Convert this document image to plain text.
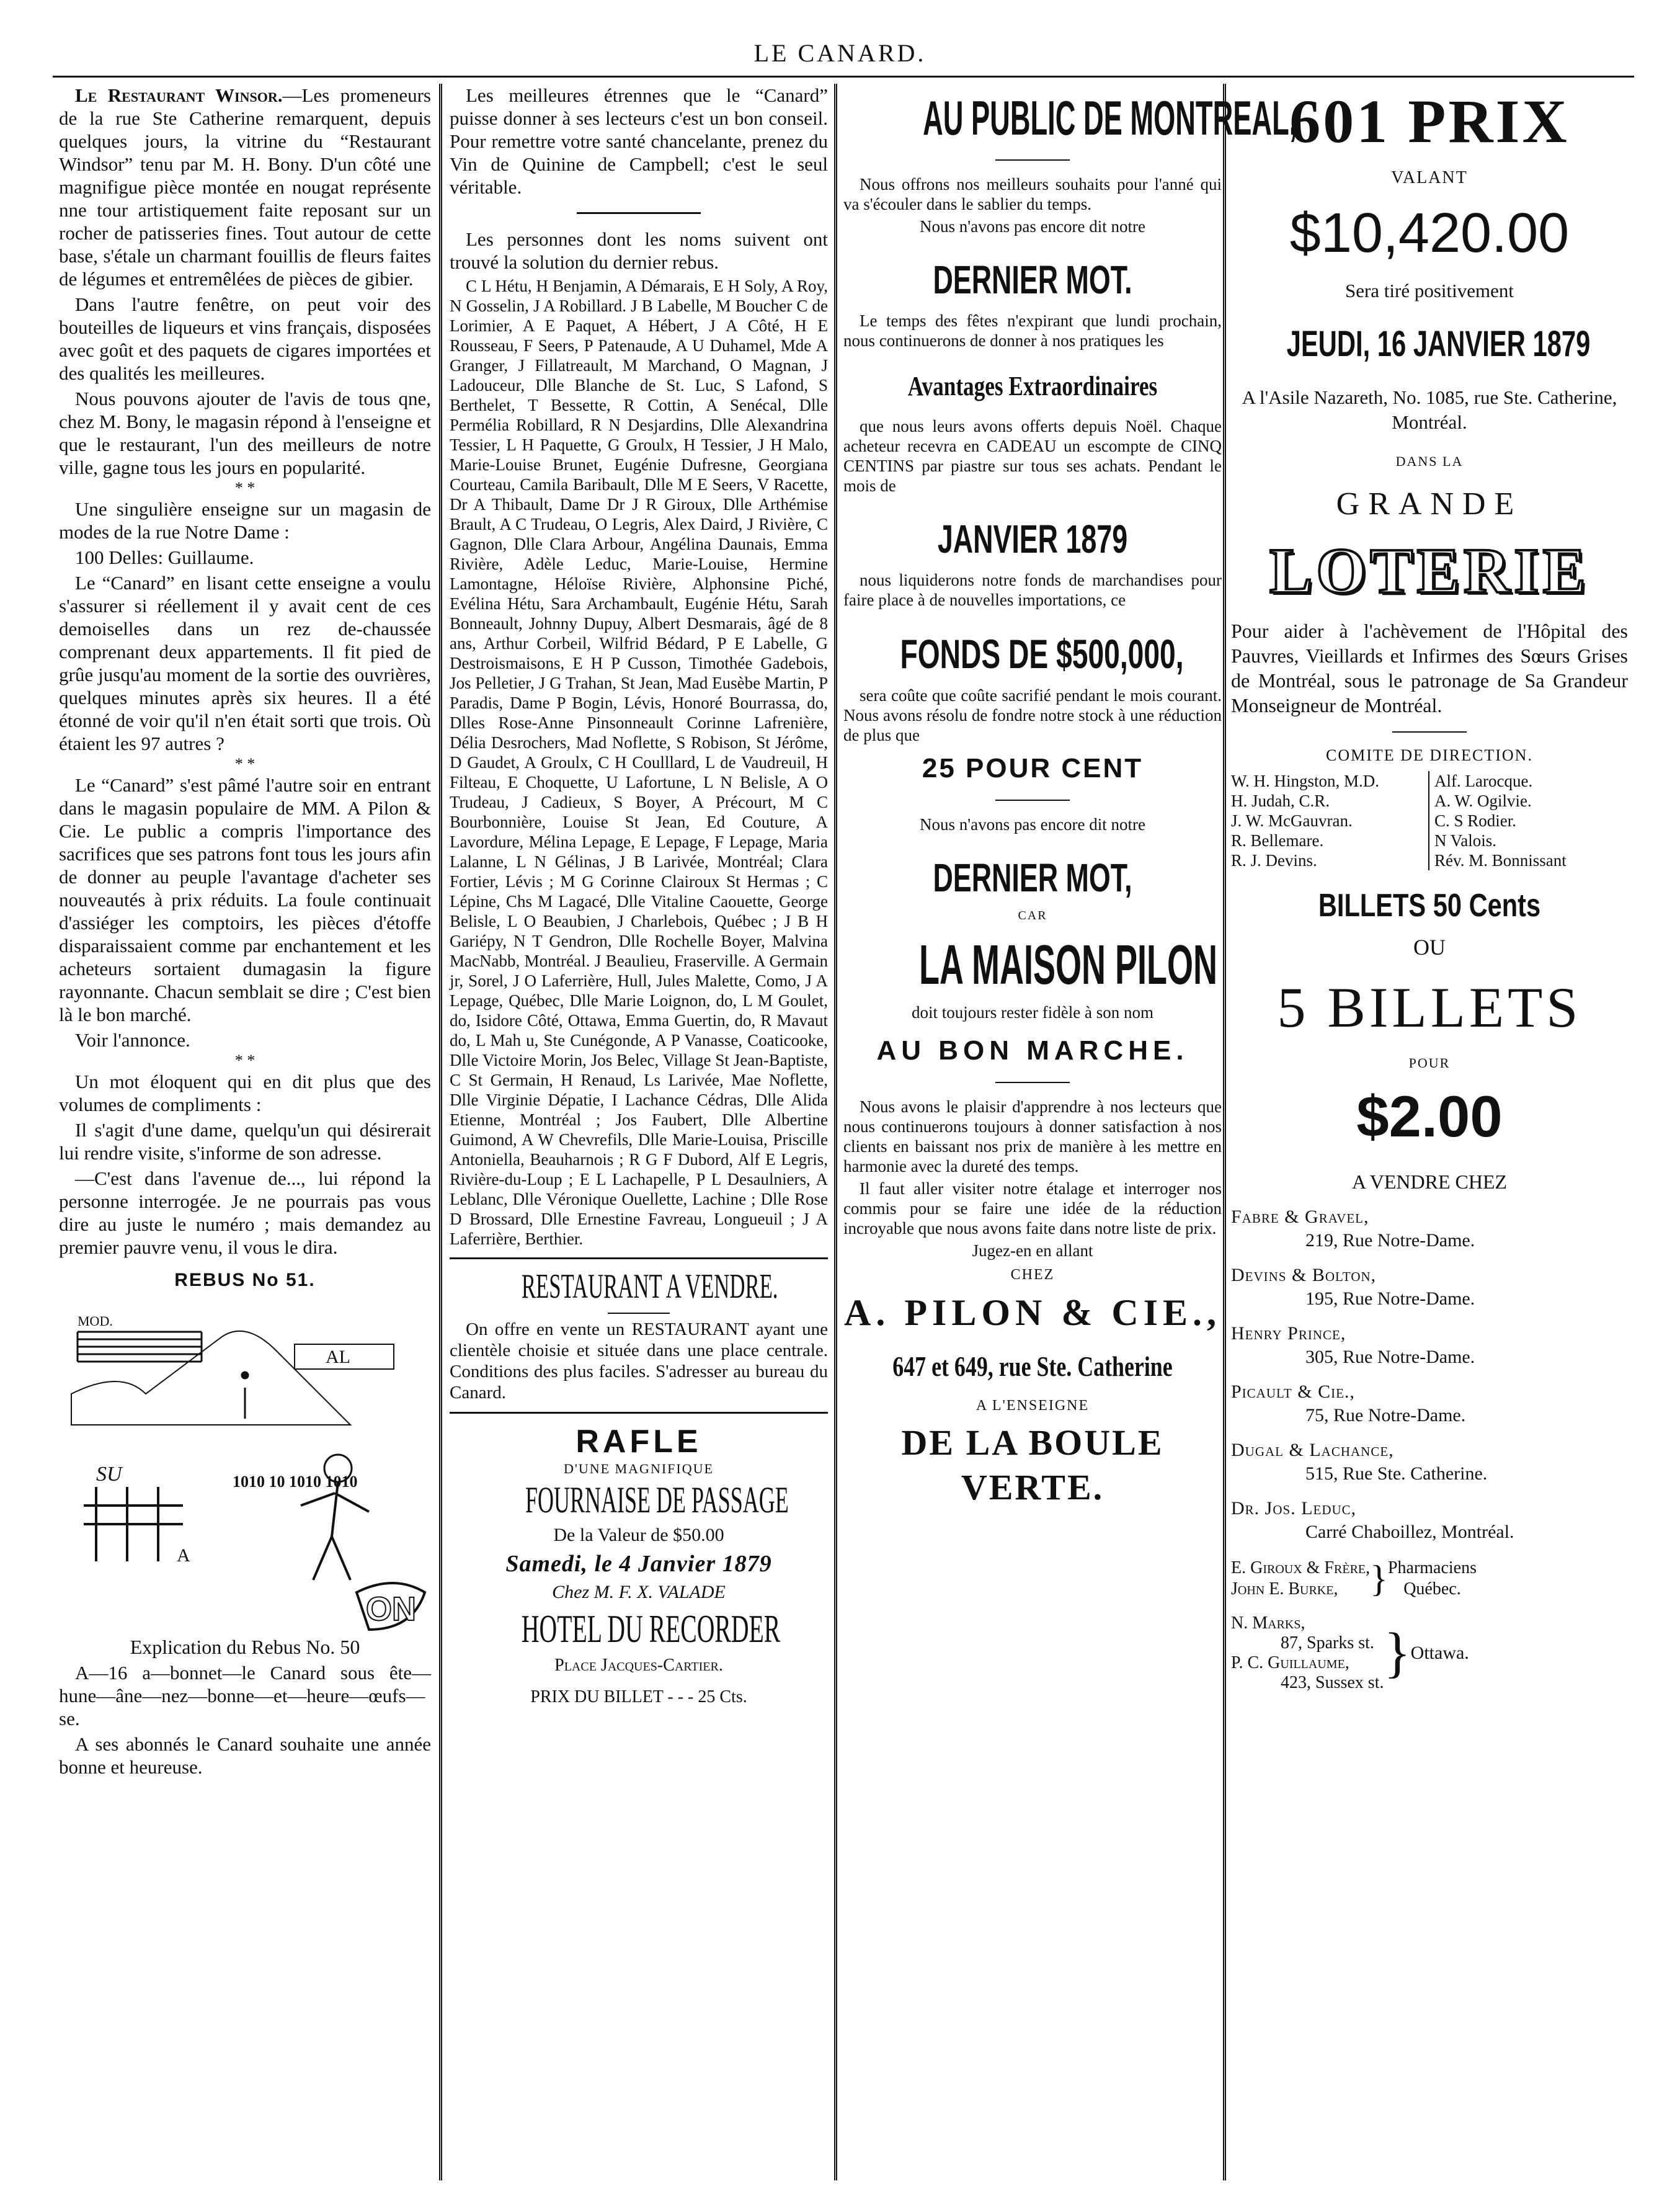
LE CANARD.

Le Restaurant Winsor.—Les promeneurs de la rue Ste Catherine remarquent, depuis quelques jours, la vitrine du “Restaurant Windsor” tenu par M. H. Bony. D'un côté une magnifigue pièce montée en nougat représente nne tour artistiquement faite reposant sur un rocher de patisseries fines. Tout autour de cette base, s'étale un charmant fouillis de fleurs faites de légumes et entremêlées de pièces de gibier.

Dans l'autre fenêtre, on peut voir des bouteilles de liqueurs et vins français, disposées avec goût et des paquets de cigares importées et des qualités les meilleures.

Nous pouvons ajouter de l'avis de tous qne, chez M. Bony, le magasin répond à l'enseigne et que le restaurant, l'un des meilleurs de notre ville, gagne tous les jours en popularité.

* *

Une singulière enseigne sur un magasin de modes de la rue Notre Dame :

100 Delles: Guillaume.

Le “Canard” en lisant cette enseigne a voulu s'assurer si réellement il y avait cent de ces demoiselles dans un rez de-chaussée comprenant deux appartements. Il fit pied de grûe jusqu'au moment de la sortie des ouvrières, quelques minutes après six heures. Il a été étonné de voir qu'il n'en était sorti que trois. Où étaient les 97 autres ?

* *

Le “Canard” s'est pâmé l'autre soir en entrant dans le magasin populaire de MM. A Pilon & Cie. Le public a compris l'importance des sacrifices que ses patrons font tous les jours afin de donner au peuple l'avantage d'acheter ses nouveautés à prix réduits. La foule continuait d'assiéger les comptoirs, les pièces d'étoffe disparaissaient comme par enchantement et les acheteurs sortaient dumagasin la figure rayonnante. Chacun semblait se dire ; C'est bien là le bon marché.

Voir l'annonce.

* *

Un mot éloquent qui en dit plus que des volumes de compliments :

Il s'agit d'une dame, quelqu'un qui désirerait lui rendre visite, s'informe de son adresse.

—C'est dans l'avenue de..., lui répond la personne interrogée. Je ne pourrais pas vous dire au juste le numéro ; mais demandez au premier pauvre venu, il vous le dira.

REBUS No 51.
MOD.
AL
SU
A
1010 10 1010 1010
ON

Explication du Rebus No. 50

A—16 a—bonnet—le Canard sous ête— hune—âne—nez—bonne—et—heure—œufs—se.

A ses abonnés le Canard souhaite une année bonne et heureuse.

Les meilleures étrennes que le “Canard” puisse donner à ses lecteurs c'est un bon conseil. Pour remettre votre santé chancelante, prenez du Vin de Quinine de Campbell; c'est le seul véritable.

Les personnes dont les noms suivent ont trouvé la solution du dernier rebus.

C L Hétu, H Benjamin, A Démarais, E H Soly, A Roy, N Gosselin, J A Robillard. J B Labelle, M Boucher C de Lorimier, A E Paquet, A Hébert, J A Côté, H E Rousseau, F Seers, P Patenaude, A U Duhamel, Mde A Granger, J Fillatreault, M Marchand, O Magnan, J Ladouceur, Dlle Blanche de St. Luc, S Lafond, S Berthelet, T Bessette, R Cottin, A Senécal, Dlle Permélia Robillard, R N Desjardins, Dlle Alexandrina Tessier, L H Paquette, G Groulx, H Tessier, J H Malo, Marie-Louise Brunet, Eugénie Dufresne, Georgiana Courteau, Camila Baribault, Dlle M E Seers, V Racette, Dr A Thibault, Dame Dr J R Giroux, Dlle Arthémise Brault, A C Trudeau, O Legris, Alex Daird, J Rivière, C Gagnon, Dlle Clara Arbour, Angélina Daunais, Emma Rivière, Adèle Leduc, Marie-Louise, Hermine Lamontagne, Héloïse Rivière, Alphonsine Piché, Evélina Hétu, Sara Archambault, Eugénie Hétu, Sarah Bonneault, Johnny Dupuy, Albert Desmarais, âgé de 8 ans, Arthur Corbeil, Wilfrid Bédard, P E Labelle, G Destroismaisons, E H P Cusson, Timothée Gadebois, Jos Pelletier, J G Trahan, St Jean, Mad Eusèbe Martin, P Paradis, Dame P Bogin, Lévis, Honoré Bourrassa, do, Dlles Rose-Anne Pinsonneault Corinne Lafrenière, Délia Desrochers, Mad Noflette, S Robison, St Jérôme, D Gaudet, A Groulx, C H Coulllard, L de Vaudreuil, H Filteau, E Choquette, U Lafortune, L N Belisle, A O Trudeau, J Cadieux, S Boyer, A Précourt, M C Bourbonnière, Louise St Jean, Ed Couture, A Lavordure, Mélina Lepage, E Lepage, F Lepage, Maria Lalanne, L N Gélinas, J B Larivée, Montréal; Clara Fortier, Lévis ; M G Corinne Clairoux St Hermas ; C Lépine, Chs M Lagacé, Dlle Vitaline Caouette, George Belisle, L O Beaubien, J Charlebois, Québec ; J B H Gariépy, N T Gendron, Dlle Rochelle Boyer, Malvina MacNabb, Montréal. J Beaulieu, Fraserville. A Germain jr, Sorel, J O Laferrière, Hull, Jules Malette, Como, J A Lepage, Québec, Dlle Marie Loignon, do, L M Goulet, do, Isidore Côté, Ottawa, Emma Guertin, do, R Mavaut do, L Mah u, Ste Cunégonde, A P Vanasse, Coaticooke, Dlle Victoire Morin, Jos Belec, Village St Jean-Baptiste, C St Germain, H Renaud, Ls Larivée, Mae Noflette, Dlle Virginie Dépatie, I Lachance Cédras, Dlle Alida Etienne, Montréal ; Jos Faubert, Dlle Albertine Guimond, A W Chevrefils, Dlle Marie-Louisa, Priscille Antoniella, Beauharnois ; R G F Dubord, Alf E Legris, Rivière-du-Loup ; E L Lachapelle, P L Desaulniers, A Leblanc, Dlle Véronique Ouellette, Lachine ; Dlle Rose D Brossard, Dlle Ernestine Favreau, Longueuil ; J A Laferrière, Berthier.

RESTAURANT A VENDRE.

On offre en vente un RESTAURANT ayant une clientèle choisie et située dans une place centrale. Conditions des plus faciles. S'adresser au bureau du Canard.

RAFLE
D'UNE MAGNIFIQUE
FOURNAISE DE PASSAGE
De la Valeur de $50.00
Samedi, le 4 Janvier 1879
Chez M. F. X. VALADE
HOTEL DU RECORDER
Place Jacques-Cartier.
PRIX DU BILLET - - - 25 Cts.
AU PUBLIC DE MONTREAL,

Nous offrons nos meilleurs souhaits pour l'anné qui va s'écouler dans le sablier du temps.

Nous n'avons pas encore dit notre

DERNIER MOT.

Le temps des fêtes n'expirant que lundi prochain, nous continuerons de donner à nos pratiques les

Avantages Extraordinaires

que nous leurs avons offerts depuis Noël. Chaque acheteur recevra en CADEAU un escompte de CINQ CENTINS par piastre sur tous ses achats. Pendant le mois de

JANVIER 1879

nous liquiderons notre fonds de marchandises pour faire place à de nouvelles importations, ce

FONDS DE $500,000,

sera coûte que coûte sacrifié pendant le mois courant. Nous avons résolu de fondre notre stock à une réduction de plus que

25 POUR CENT

Nous n'avons pas encore dit notre

DERNIER MOT,
CAR
LA MAISON PILON

doit toujours rester fidèle à son nom

AU BON MARCHE.

Nous avons le plaisir d'apprendre à nos lecteurs que nous continuerons toujours à donner satisfaction à nos clients en baissant nos prix de manière à les mettre en harmonie avec la dureté des temps.

Il faut aller visiter notre étalage et interroger nos commis pour se faire une idée de la réduction incroyable que nous avons faite dans notre liste de prix.

Jugez-en en allant

CHEZ
A. PILON & CIE.,
647 et 649, rue Ste. Catherine
A L'ENSEIGNE
DE LA BOULE VERTE.
601 PRIX
VALANT
$10,420.00
Sera tiré positivement
JEUDI, 16 JANVIER 1879
A l'Asile Nazareth, No. 1085, rue Ste. Catherine, Montréal.
DANS LA
GRANDE
LOTERIE

Pour aider à l'achèvement de l'Hôpital des Pauvres, Vieillards et Infirmes des Sœurs Grises de Montréal, sous le patronage de Sa Grandeur Monseigneur de Montréal.

COMITE DE DIRECTION.
W. H. Hingston, M.D.	Alf. Larocque.
H. Judah, C.R.	A. W. Ogilvie.
J. W. McGauvran.	C. S Rodier.
R. Bellemare.	N Valois.
R. J. Devins.	Rév. M. Bonnissant
BILLETS 50 Cents
OU
5 BILLETS
POUR
$2.00
A VENDRE CHEZ
Fabre & Gravel,
219, Rue Notre-Dame.
Devins & Bolton,
195, Rue Notre-Dame.
Henry Prince,
305, Rue Notre-Dame.
Picault & Cie.,
75, Rue Notre-Dame.
Dugal & Lachance,
515, Rue Ste. Catherine.
Dr. Jos. Leduc,
Carré Chaboillez, Montréal.
E. Giroux & Frère,
John E. Burke, } Pharmaciens
Québec.
N. Marks,
87, Sparks st.
P. C. Guillaume,
423, Sussex st. } Ottawa.
